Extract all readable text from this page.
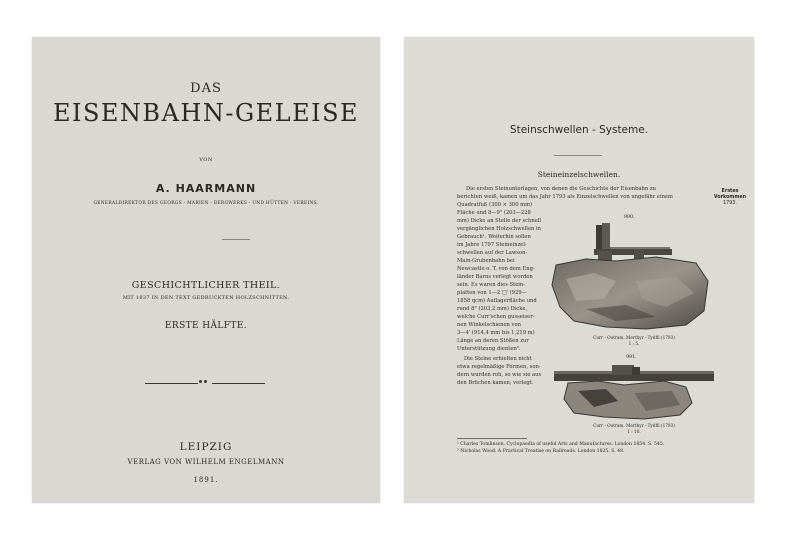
DAS
EISENBAHN-GELEISE
VON
A. HAARMANN
GENERALDIREKTOR DES GEORGS - MARIEN - BERGWERKS - UND HÜTTEN - VEREINS.
GESCHICHTLICHER THEIL.
MIT 1837 IN DEN TEXT GEDRUCKTEN HOLZSCHNITTEN.
ERSTE HÄLFTE.
LEIPZIG
VERLAG VON WILHELM ENGELMANN
1891.
Steinschwellen - Systeme.
Steineinzelschwellen.
Erstes
Vorkommen
1793.
Die ersten Steinunterlagen, von denen die Geschichte der Eisenbahn zu
berichten weiß, kamen um das Jahr 1793 als Einzelschwellen von ungefähr einem
Quadratfuß (300 × 300 mm)
Fläche und 8—9" (203—228
mm) Dicke an Stelle der schnell
vergänglichen Holzschwellen in
Gebrauch¹. Weiterhin sollen
im Jahre 1797 Steineinzel-
schwellen auf der Lawson-
Main-Grubenbahn bei
Newcastle o. T. von dem Eng-
länder Barns verlegt worden
sein. Es waren dies Stein-
platten von 1—2 □' (929—
1858 qcm) Auflagerfläche und
rund 8" (203,2 mm) Dicke,
welche Curr'schen gusseiser-
nen Winkelschienen von
3—4' (914,4 mm bis 1,219 m)
Länge an deren Stößen zur
Unterstützung dienten².
Die Steine erhielten nicht
etwa regelmäßige Formen, son-
dern wurden roh, so wie sie aus
den Brüchen kamen, verlegt.
990.
Curr - Outram. Merthyr - Tydfil (1793)
1 : 5.
991.
Curr - Outram. Merthyr - Tydfil (1793)
1 : 10.
¹ Charles Tomlinson. Cyclopaedia of useful Arts and Manufactures. London 1854. S. 545.
² Nicholas Wood. A Practical Treatise on Railroads. London 1825. S. 48.
